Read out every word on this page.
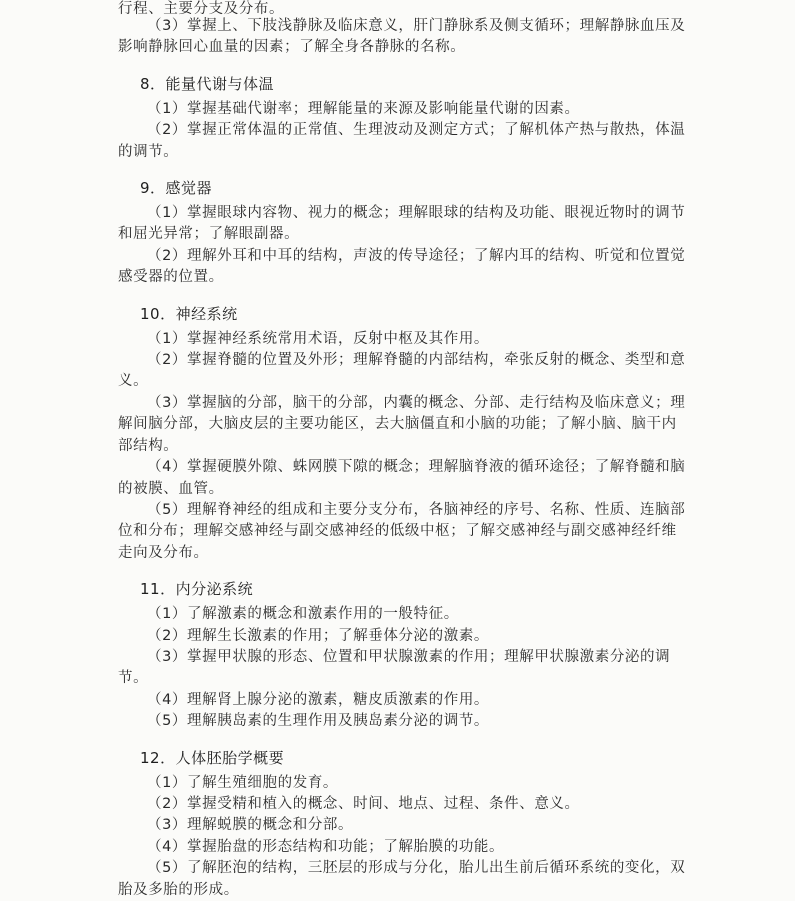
行程、主要分支及分布。

（3）掌握上、下肢浅静脉及临床意义，肝门静脉系及侧支循环；理解静脉血压及影响静脉回心血量的因素；了解全身各静脉的名称。

8．能量代谢与体温

（1）掌握基础代谢率；理解能量的来源及影响能量代谢的因素。

（2）掌握正常体温的正常值、生理波动及测定方式；了解机体产热与散热，体温的调节。

9．感觉器

（1）掌握眼球内容物、视力的概念；理解眼球的结构及功能、眼视近物时的调节和屈光异常；了解眼副器。

（2）理解外耳和中耳的结构，声波的传导途径；了解内耳的结构、听觉和位置觉感受器的位置。

10．神经系统

（1）掌握神经系统常用术语，反射中枢及其作用。

（2）掌握脊髓的位置及外形；理解脊髓的内部结构，牵张反射的概念、类型和意义。

（3）掌握脑的分部，脑干的分部，内囊的概念、分部、走行结构及临床意义；理解间脑分部，大脑皮层的主要功能区，去大脑僵直和小脑的功能；了解小脑、脑干内部结构。

（4）掌握硬膜外隙、蛛网膜下隙的概念；理解脑脊液的循环途径；了解脊髓和脑的被膜、血管。

（5）理解脊神经的组成和主要分支分布，各脑神经的序号、名称、性质、连脑部位和分布；理解交感神经与副交感神经的低级中枢；了解交感神经与副交感神经纤维走向及分布。

11．内分泌系统

（1）了解激素的概念和激素作用的一般特征。

（2）理解生长激素的作用；了解垂体分泌的激素。

（3）掌握甲状腺的形态、位置和甲状腺激素的作用；理解甲状腺激素分泌的调节。

（4）理解肾上腺分泌的激素，糖皮质激素的作用。

（5）理解胰岛素的生理作用及胰岛素分泌的调节。

12．人体胚胎学概要

（1）了解生殖细胞的发育。

（2）掌握受精和植入的概念、时间、地点、过程、条件、意义。

（3）理解蜕膜的概念和分部。

（4）掌握胎盘的形态结构和功能；了解胎膜的功能。

（5）了解胚泡的结构，三胚层的形成与分化，胎儿出生前后循环系统的变化，双胎及多胎的形成。
